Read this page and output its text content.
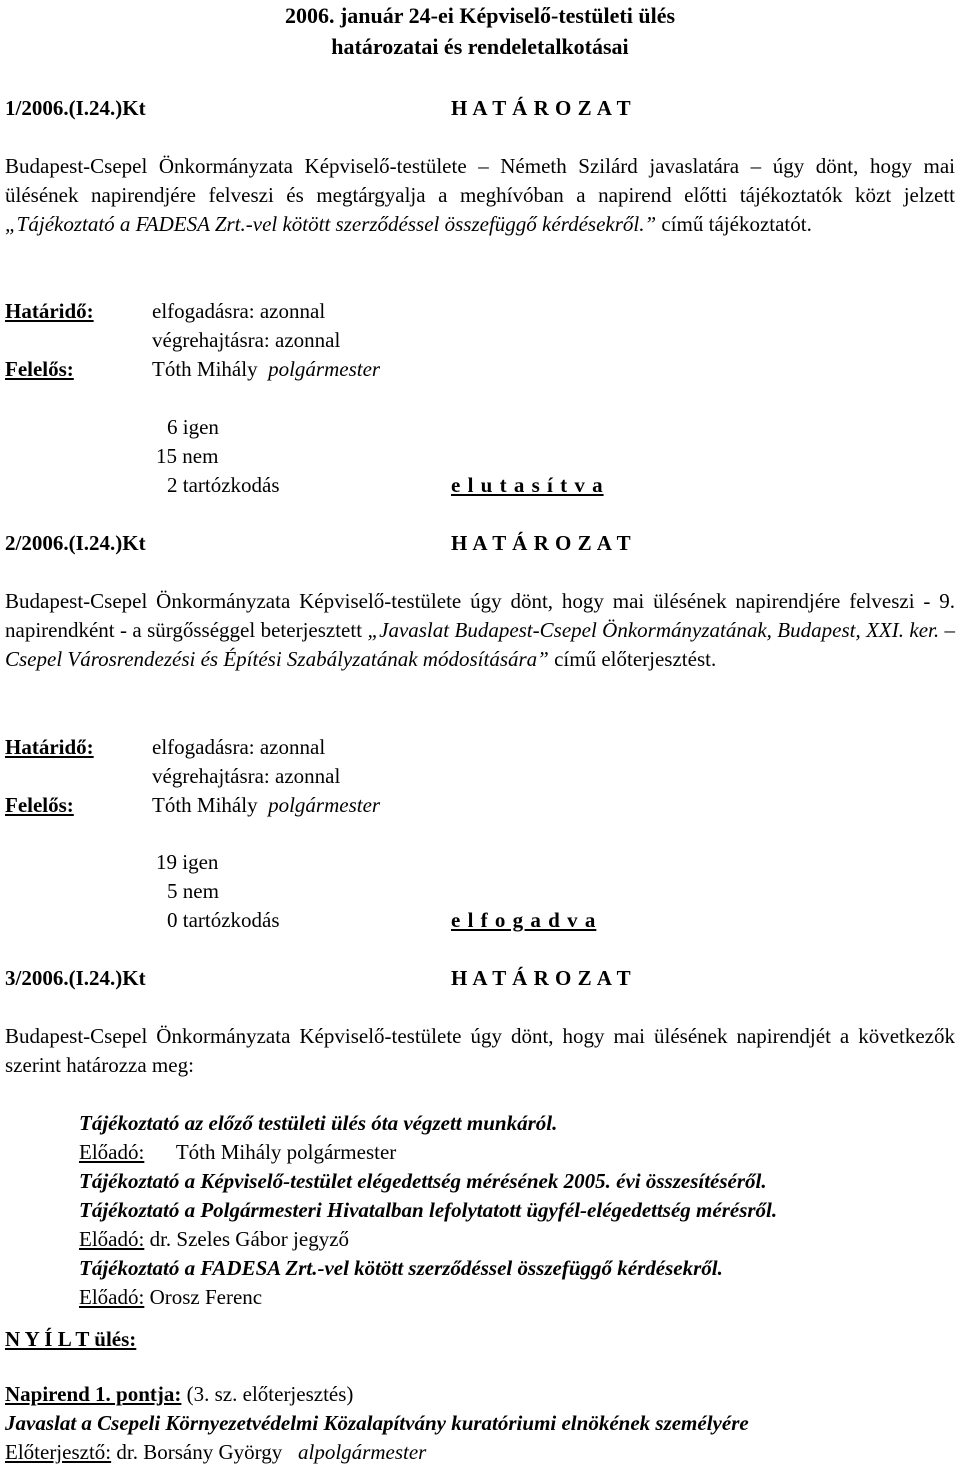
2006. január 24-ei Képviselő-testületi ülés
határozatai és rendeletalkotásai
1/2006.(I.24.)Kt	H A T Á R O Z A T

Budapest-Csepel Önkormányzata Képviselő-testülete – Németh Szilárd javaslatára – úgy dönt, hogy mai ülésének napirendjére felveszi és megtárgyalja a meghívóban a napirend előtti tájékoztatók közt jelzett „Tájékoztató a FADESA Zrt.-vel kötött szerződéssel összefüggő kérdésekről.” című tájékoztatót.

Határidő:	elfogadásra: azonnal
végrehajtásra: azonnal
Felelős:	Tóth Mihály polgármester
6 igen
15 nem
2 tartózkodás	e l u t a s í t v a
2/2006.(I.24.)Kt	H A T Á R O Z A T

Budapest-Csepel Önkormányzata Képviselő-testülete úgy dönt, hogy mai ülésének napirendjére felveszi - 9. napirendként - a sürgősséggel beterjesztett „Javaslat Budapest-Csepel Önkormányzatának, Budapest, XXI. ker. – Csepel Városrendezési és Építési Szabályzatának módosítására” című előterjesztést.

Határidő:	elfogadásra: azonnal
végrehajtásra: azonnal
Felelős:	Tóth Mihály polgármester
19 igen
5 nem
0 tartózkodás	e l f o g a d v a
3/2006.(I.24.)Kt	H A T Á R O Z A T

Budapest-Csepel Önkormányzata Képviselő-testülete úgy dönt, hogy mai ülésének napirendjét a következők szerint határozza meg:

Tájékoztató az előző testületi ülés óta végzett munkáról.
Előadó: Tóth Mihály polgármester
Tájékoztató a Képviselő-testület elégedettség mérésének 2005. évi összesítéséről.
Tájékoztató a Polgármesteri Hivatalban lefolytatott ügyfél-elégedettség mérésről.
Előadó: dr. Szeles Gábor jegyző
Tájékoztató a FADESA Zrt.-vel kötött szerződéssel összefüggő kérdésekről.
Előadó: Orosz Ferenc
N Y Í L T ülés:
Napirend 1. pontja: (3. sz. előterjesztés)
Javaslat a Csepeli Környezetvédelmi Közalapítvány kuratóriumi elnökének személyére
Előterjesztő: dr. Borsány György alpolgármester
